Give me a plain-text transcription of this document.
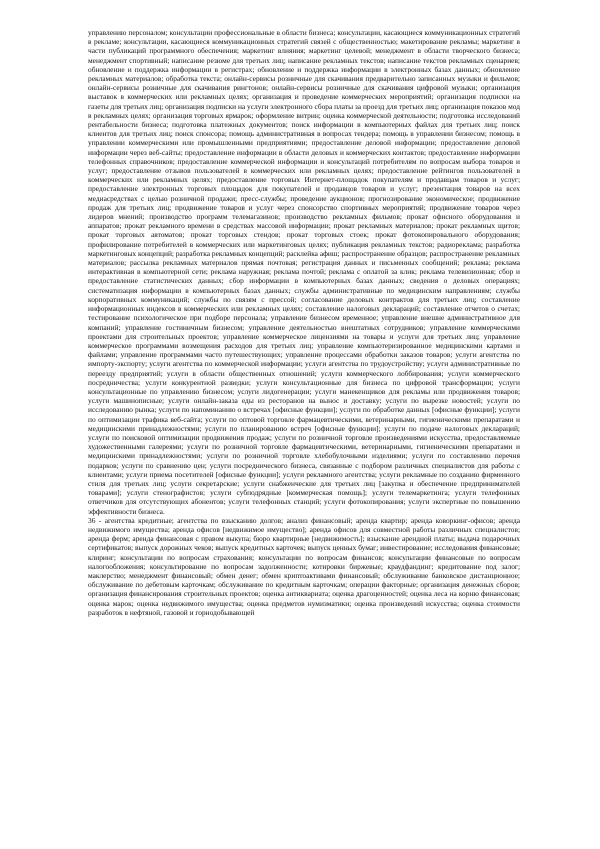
управлению персоналом; консультации профессиональные в области бизнеса; консультации, касающиеся коммуникационных стратегий в рекламе; консультации, касающиеся коммуникационных стратегий связей с общественностью; макетирование рекламы; маркетинг в части публикаций программного обеспечения; маркетинг влияния; маркетинг целевой; менеджмент в области творческого бизнеса; менеджмент спортивный; написание резюме для третьих лиц; написание рекламных текстов; написание текстов рекламных сценариев; обновление и поддержка информации в регистрах; обновление и поддержка информации в электронных базах данных; обновление рекламных материалов; обработка текста; онлайн-сервисы розничные для скачивания предварительно записанных музыки и фильмов; онлайн-сервисы розничные для скачивания рингтонов; онлайн-сервисы розничные для скачивания цифровой музыки; организация выставок в коммерческих или рекламных целях; организация и проведение коммерческих мероприятий; организация подписки на газеты для третьих лиц; организация подписки на услуги электронного сбора платы за проезд для третьих лиц; организация показов мод в рекламных целях; организация торговых ярмарок; оформление витрин; оценка коммерческой деятельности; подготовка исследований рентабельности бизнеса; подготовка платежных документов; поиск информации в компьютерных файлах для третьих лиц; поиск клиентов для третьих лиц; поиск спонсора; помощь административная в вопросах тендера; помощь в управлении бизнесом; помощь в управлении коммерческими или промышленными предприятиями; предоставление деловой информации; предоставление деловой информации через веб-сайты; предоставление информации в области деловых и коммерческих контактов; предоставление информации телефонных справочников; предоставление коммерческой информации и консультаций потребителям по вопросам выбора товаров и услуг; предоставление отзывов пользователей в коммерческих или рекламных целях; предоставление рейтингов пользователей в коммерческих или рекламных целях; предоставление торговых Интернет-площадок покупателям и продавцам товаров и услуг; предоставление электронных торговых площадок для покупателей и продавцов товаров и услуг; презентация товаров на всех медиасредствах с целью розничной продажи; пресс-службы; проведение аукционов; прогнозирование экономическое; продвижение продаж для третьих лиц; продвижение товаров и услуг через спонсорство спортивных мероприятий; продвижение товаров через лидеров мнений; производство программ телемагазинов; производство рекламных фильмов; прокат офисного оборудования и аппаратов; прокат рекламного времени в средствах массовой информации; прокат рекламных материалов; прокат рекламных щитов; прокат торговых автоматов; прокат торговых стендов; прокат торговых стоек; прокат фотокопировального оборудования; профилирование потребителей в коммерческих или маркетинговых целях; публикация рекламных текстов; радиореклама; разработка маркетинговых концепций; разработка рекламных концепций; расклейка афиш; распространение образцов; распространение рекламных материалов; рассылка рекламных материалов прямая почтовая; регистрация данных и письменных сообщений; реклама; реклама интерактивная в компьютерной сети; реклама наружная; реклама почтой; реклама с оплатой за клик; реклама телевизионная; сбор и предоставление статистических данных; сбор информации в компьютерных базах данных; сведения о деловых операциях; систематизация информации в компьютерных базах данных; службы административные по медицинским направлениям; службы корпоративных коммуникаций; службы по связям с прессой; согласование деловых контрактов для третьих лиц; составление информационных индексов в коммерческих или рекламных целях; составление налоговых деклараций; составление отчетов о счетах; тестирование психологическое при подборе персонала; управление бизнесом временное; управление внешне административное для компаний; управление гостиничным бизнесом; управление деятельностью внештатных сотрудников; управление коммерческими проектами для строительных проектов; управление коммерческое лицензиями на товары и услуги для третьих лиц; управление коммерческое программами возмещения расходов для третьих лиц; управление компьютеризированное медицинскими картами и файлами; управление программами часто путешествующих; управление процессами обработки заказов товаров; услуги агентства по импорту-экспорту; услуги агентства по коммерческой информации; услуги агентства по трудоустройству; услуги административные по переезду предприятий; услуги в области общественных отношений; услуги коммерческого лоббирования; услуги коммерческого посредничества; услуги конкурентной разведки; услуги консультационные для бизнеса по цифровой трансформации; услуги консультационные по управлению бизнесом; услуги лидогенерации; услуги манекенщиков для рекламы или продвижения товаров; услуги машинописные; услуги онлайн-заказа еды из ресторанов на вынос и доставку; услуги по вырезке новостей; услуги по исследованию рынка; услуги по напоминанию о встречах [офисные функции]; услуги по обработке данных [офисные функции]; услуги по оптимизации трафика веб-сайта; услуги по оптовой торговле фармацевтическими, ветеринарными, гигиеническими препаратами и медицинскими принадлежностями; услуги по планированию встреч [офисные функции]; услуги по подаче налоговых деклараций; услуги по поисковой оптимизации продвижения продаж; услуги по розничной торговле произведениями искусства, предоставляемые художественными галереями; услуги по розничной торговле фармацевтическими, ветеринарными, гигиеническими препаратами и медицинскими принадлежностями; услуги по розничной торговле хлебобулочными изделиями; услуги по составлению перечня подарков; услуги по сравнению цен; услуги посреднического бизнеса, связанные с подбором различных специалистов для работы с клиентами; услуги приема посетителей [офисные функции]; услуги рекламного агентства; услуги рекламные по созданию фирменного стиля для третьих лиц; услуги секретарские; услуги снабженческие для третьих лиц [закупка и обеспечение предпринимателей товарами]; услуги стенографистов; услуги субподрядные [коммерческая помощь]; услуги телемаркетинга; услуги телефонных ответчиков для отсутствующих абонентов; услуги телефонных станций; услуги фотокопирования; услуги экспертные по повышению эффективности бизнеса.

36 - агентства кредитные; агентства по взысканию долгов; анализ финансовый; аренда квартир; аренда коворкинг-офисов; аренда недвижимого имущества; аренда офисов [недвижимое имущество]; аренда офисов для совместной работы различных специалистов; аренда ферм; аренда финансовая с правом выкупа; бюро квартирные [недвижимость]; взыскание арендной платы; выдача подарочных сертификатов; выпуск дорожных чеков; выпуск кредитных карточек; выпуск ценных бумаг; инвестирование; исследования финансовые; клиринг; консультации по вопросам страхования; консультации по вопросам финансов; консультации финансовые по вопросам налогообложения; консультирование по вопросам задолженности; котировки биржевые; краудфандинг; кредитование под залог; маклерство; менеджмент финансовый; обмен денег; обмен криптоактивами финансовый; обслуживание банковское дистанционное; обслуживание по дебетовым карточкам; обслуживание по кредитным карточкам; операции факторные; организация денежных сборов; организация финансирования строительных проектов; оценка антиквариата; оценка драгоценностей; оценка леса на корню финансовая; оценка марок; оценка недвижимого имущества; оценка предметов нумизматики; оценка произведений искусства; оценка стоимости разработок в нефтяной, газовой и горнодобывающей
